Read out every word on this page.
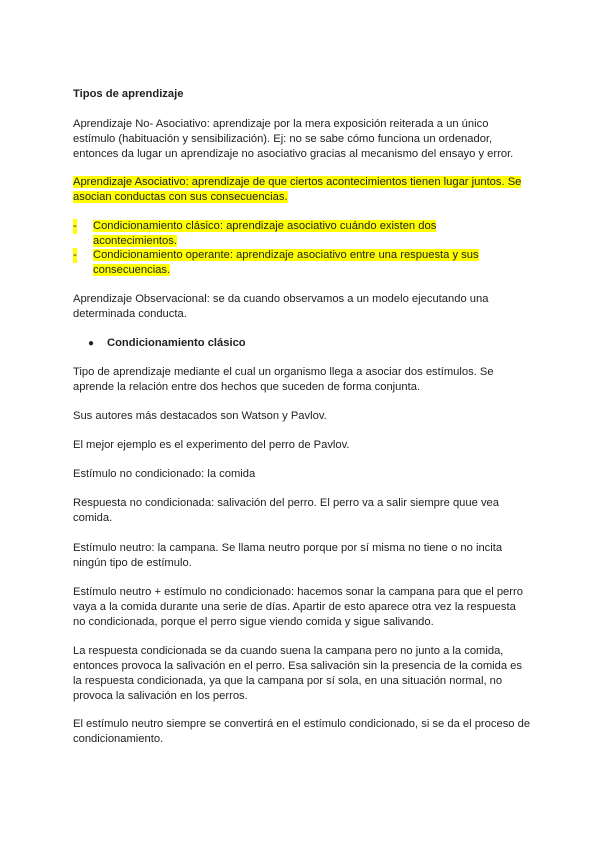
Tipos de aprendizaje
Aprendizaje No- Asociativo: aprendizaje por la mera exposición reiterada a un único
estímulo (habituación y sensibilización). Ej: no se sabe cómo funciona un ordenador,
entonces da lugar un aprendizaje no asociativo gracias al mecanismo del ensayo y error.
Aprendizaje Asociativo: aprendizaje de que ciertos acontecimientos tienen lugar juntos. Se
asocian conductas con sus consecuencias.
- Condicionamiento clásico: aprendizaje asociativo cuándo existen dos
acontecimientos.
- Condicionamiento operante: aprendizaje asociativo entre una respuesta y sus
consecuencias.
Aprendizaje Observacional: se da cuando observamos a un modelo ejecutando una
determinada conducta.
● Condicionamiento clásico
Tipo de aprendizaje mediante el cual un organismo llega a asociar dos estímulos. Se
aprende la relación entre dos hechos que suceden de forma conjunta.
Sus autores más destacados son Watson y Pavlov.
El mejor ejemplo es el experimento del perro de Pavlov.
Estímulo no condicionado: la comida
Respuesta no condicionada: salivación del perro. El perro va a salir siempre quue vea
comida.
Estímulo neutro: la campana. Se llama neutro porque por sí misma no tiene o no incita
ningún tipo de estímulo.
Estímulo neutro + estímulo no condicionado: hacemos sonar la campana para que el perro
vaya a la comida durante una serie de días. Apartir de esto aparece otra vez la respuesta
no condicionada, porque el perro sigue viendo comida y sigue salivando.
La respuesta condicionada se da cuando suena la campana pero no junto a la comida,
entonces provoca la salivación en el perro. Esa salivación sin la presencia de la comida es
la respuesta condicionada, ya que la campana por sí sola, en una situación normal, no
provoca la salivación en los perros.
El estímulo neutro siempre se convertirá en el estímulo condicionado, si se da el proceso de
condicionamiento.
